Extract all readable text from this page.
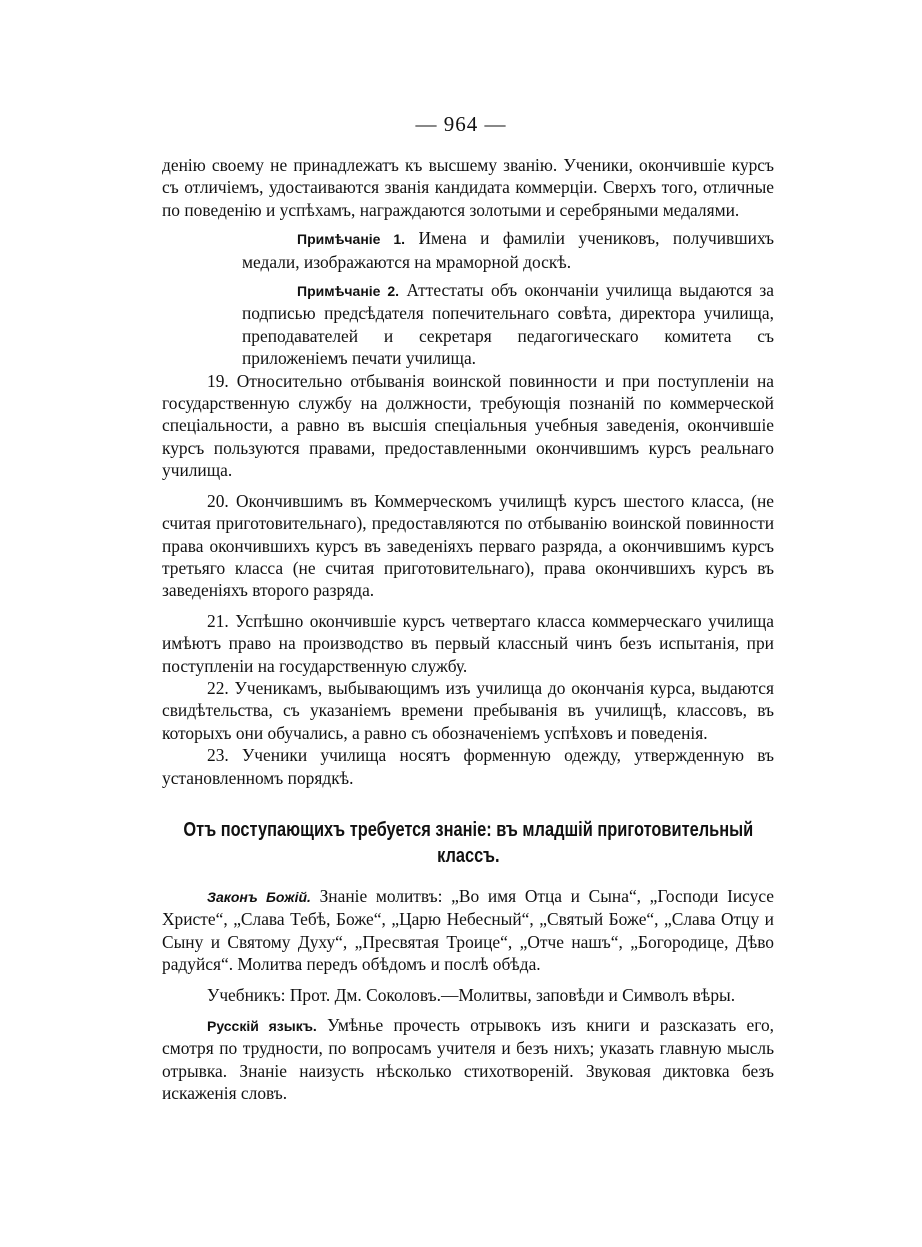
— 964 —

денію своему не принадлежатъ къ высшему званію. Ученики, окончившіе курсъ съ отличіемъ, удостаиваются званія кандидата коммерціи. Сверхъ того, отличные по поведенію и успѣхамъ, награждаются золотыми и серебряными медалями.

Примѣчаніе 1. Имена и фамиліи учениковъ, получившихъ медали, изображаются на мраморной доскѣ.

Примѣчаніе 2. Аттестаты объ окончаніи училища выдаются за подписью предсѣдателя попечительнаго совѣта, директора училища, преподавателей и секретаря педагогическаго комитета съ приложеніемъ печати училища.

19. Относительно отбыванія воинской повинности и при поступленіи на государственную службу на должности, требующія познаній по коммерческой спеціальности, а равно въ высшія спеціальныя учебныя заведенія, окончившіе курсъ пользуются правами, предоставленными окончившимъ курсъ реальнаго училища.

20. Окончившимъ въ Коммерческомъ училищѣ курсъ шестого класса, (не считая приготовительнаго), предоставляются по отбыванію воинской повинности права окончившихъ курсъ въ заведеніяхъ перваго разряда, а окончившимъ курсъ третьяго класса (не считая приготовительнаго), права окончившихъ курсъ въ заведеніяхъ второго разряда.

21. Успѣшно окончившіе курсъ четвертаго класса коммерческаго училища имѣютъ право на производство въ первый классный чинъ безъ испытанія, при поступленіи на государственную службу.

22. Ученикамъ, выбывающимъ изъ училища до окончанія курса, выдаются свидѣтельства, съ указаніемъ времени пребыванія въ училищѣ, классовъ, въ которыхъ они обучались, а равно съ обозначеніемъ успѣховъ и поведенія.

23. Ученики училища носятъ форменную одежду, утвержденную въ установленномъ порядкѣ.

Отъ поступающихъ требуется знаніе: въ младшій приготовительный классъ.

Законъ Божій. Знаніе молитвъ: „Во имя Отца и Сына“, „Господи Іисусе Христе“, „Слава Тебѣ, Боже“, „Царю Небесный“, „Святый Боже“, „Слава Отцу и Сыну и Святому Духу“, „Пресвятая Троице“, „Отче нашъ“, „Богородице, Дѣво радуйся“. Молитва передъ обѣдомъ и послѣ обѣда.

Учебникъ: Прот. Дм. Соколовъ.—Молитвы, заповѣди и Символъ вѣры.

Русскій языкъ. Умѣнье прочесть отрывокъ изъ книги и разсказать его, смотря по трудности, по вопросамъ учителя и безъ нихъ; указать главную мысль отрывка. Знаніе наизусть нѣсколько стихотвореній. Звуковая диктовка безъ искаженія словъ.
